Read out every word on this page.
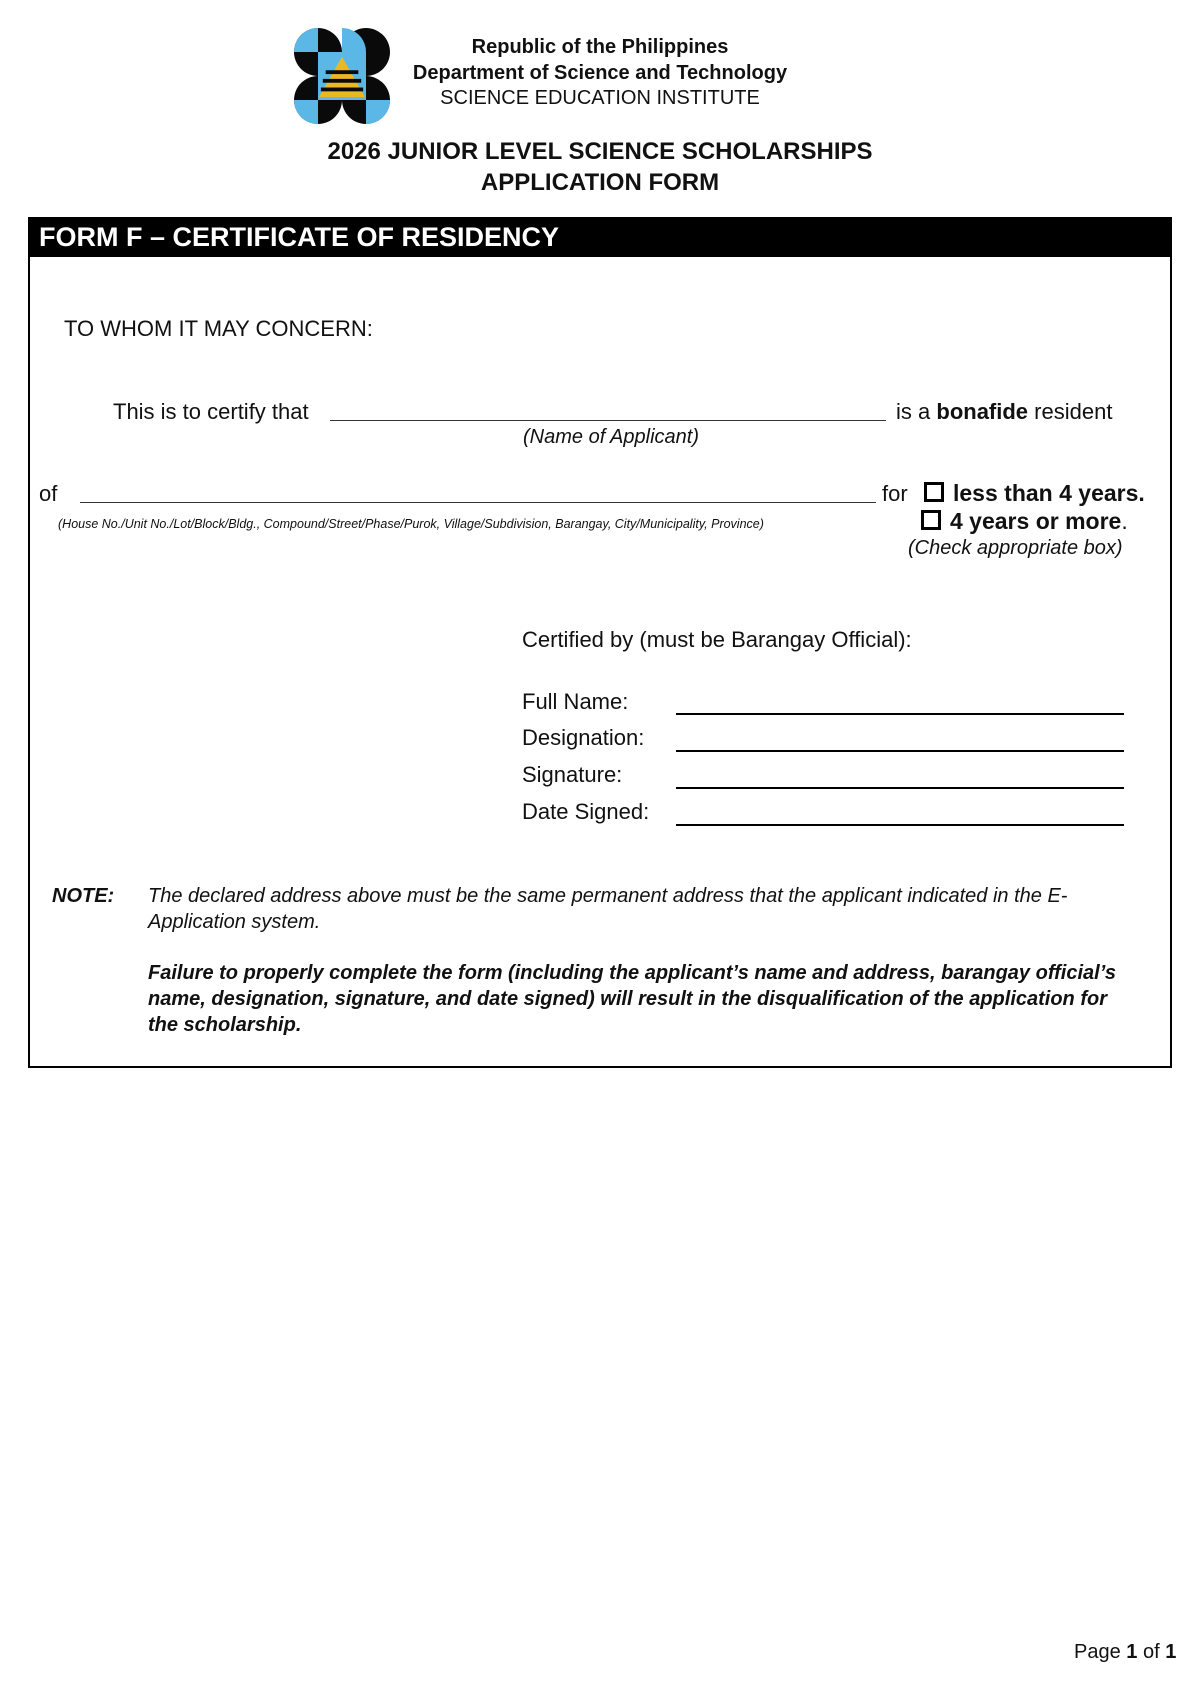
Republic of the Philippines
Department of Science and Technology
SCIENCE EDUCATION INSTITUTE
2026 JUNIOR LEVEL SCIENCE SCHOLARSHIPS
APPLICATION FORM
FORM F – CERTIFICATE OF RESIDENCY
TO WHOM IT MAY CONCERN:
This is to certify that	is a bonafide resident
(Name of Applicant)
of	for
(House No./Unit No./Lot/Block/Bldg., Compound/Street/Phase/Purok, Village/Subdivision, Barangay, City/Municipality, Province)
less than 4 years.
4 years or more.
(Check appropriate box)
Certified by (must be Barangay Official):
Full Name:
Designation:
Signature:
Date Signed:
NOTE: The declared address above must be the same permanent address that the applicant indicated in the E-Application system.
Failure to properly complete the form (including the applicant’s name and address, barangay official’s name, designation, signature, and date signed) will result in the disqualification of the application for the scholarship.
Page 1 of 1
